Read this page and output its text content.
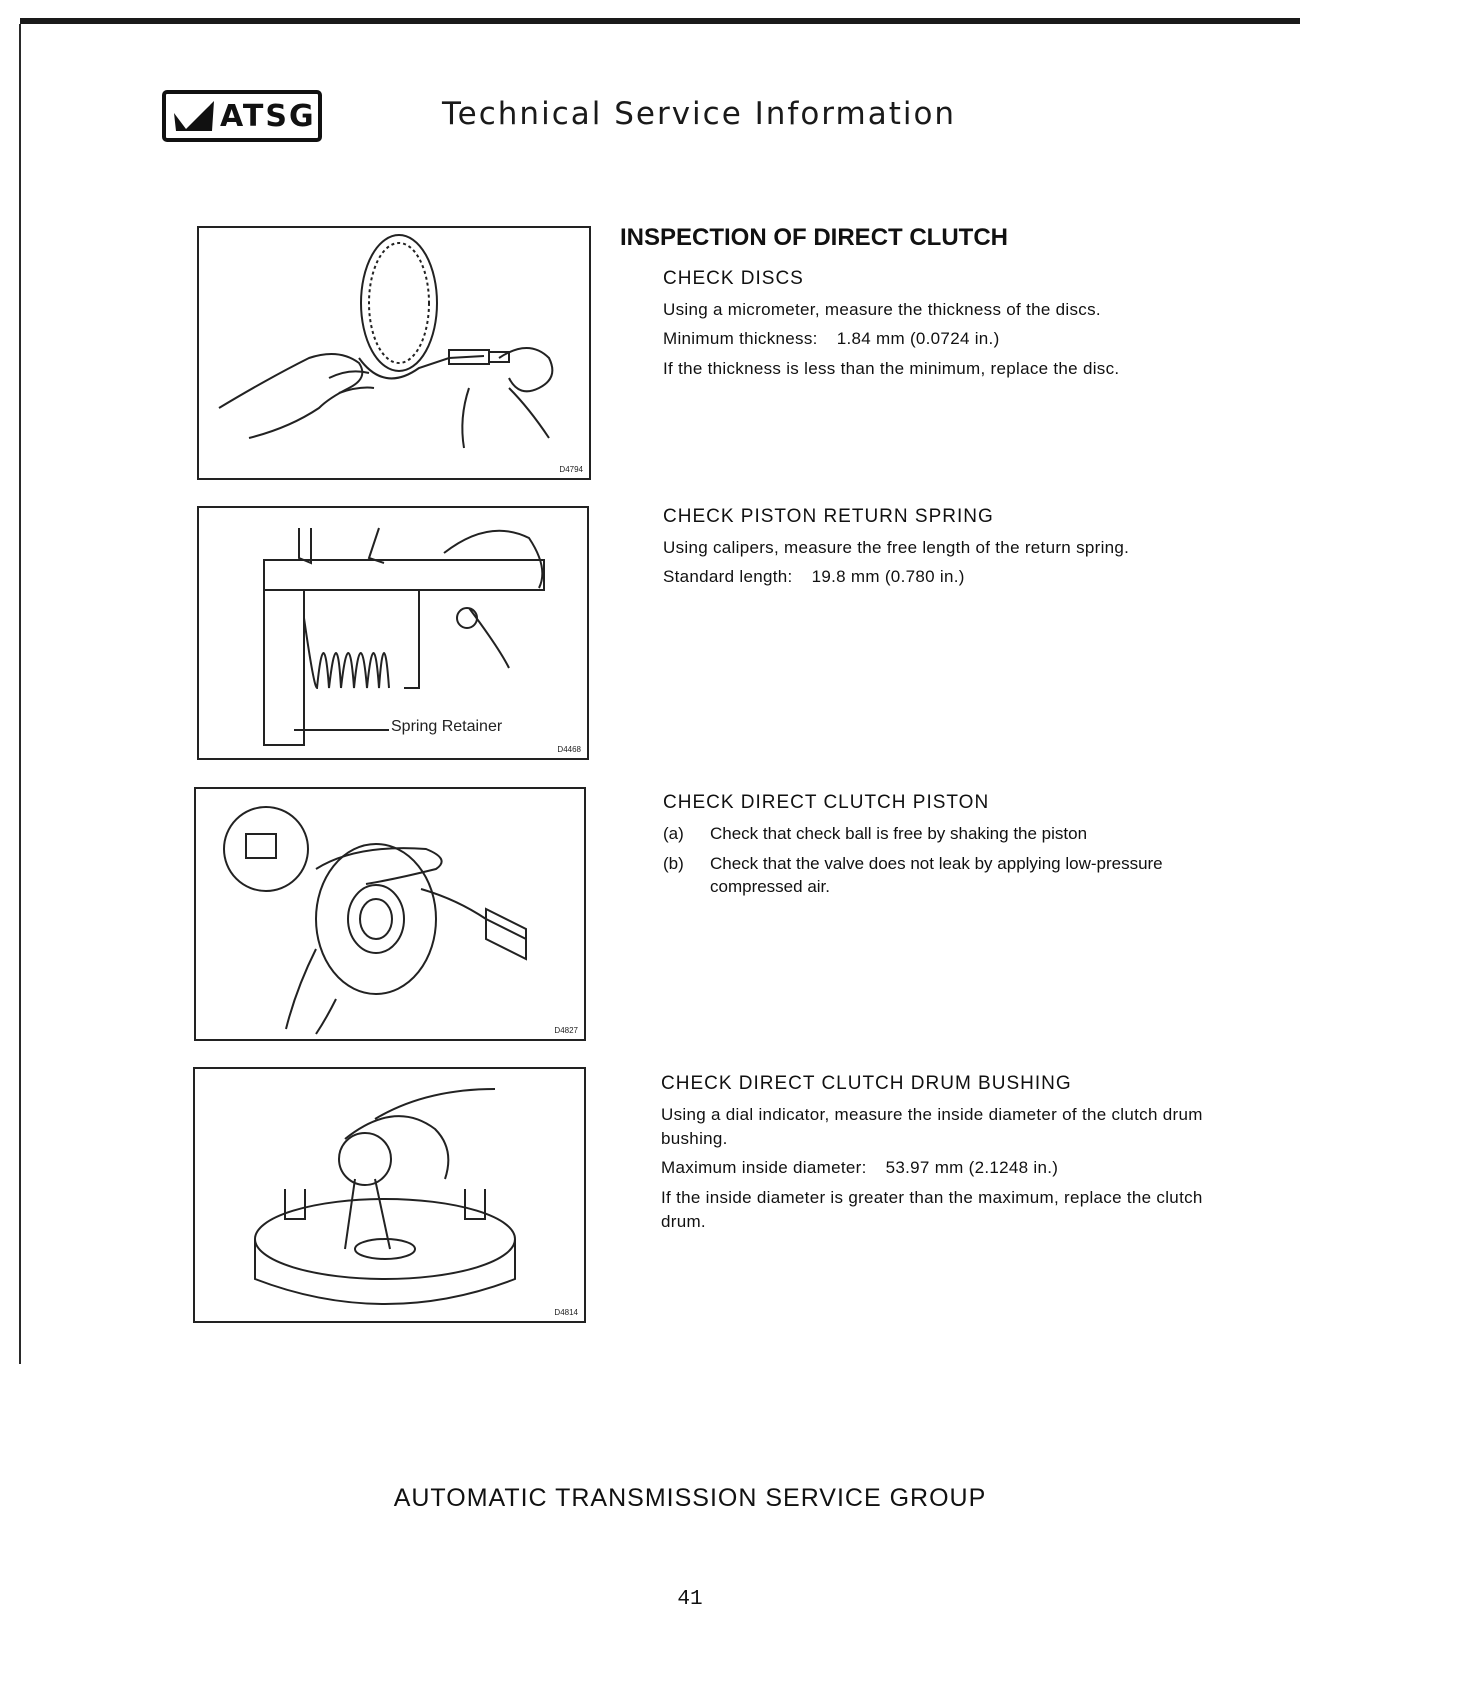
ATSG	Technical Service Information
D4794
Spring Retainer
D4468
D4827
D4814
INSPECTION OF DIRECT CLUTCH
CHECK DISCS

Using a micrometer, measure the thickness of the discs.

Minimum thickness: 1.84 mm (0.0724 in.)

If the thickness is less than the minimum, replace the disc.

CHECK PISTON RETURN SPRING

Using calipers, measure the free length of the return spring.

Standard length: 19.8 mm (0.780 in.)

CHECK DIRECT CLUTCH PISTON
(a)	Check that check ball is free by shaking the piston
(b)	Check that the valve does not leak by applying low-pressure compressed air.
CHECK DIRECT CLUTCH DRUM BUSHING

Using a dial indicator, measure the inside diameter of the clutch drum bushing.

Maximum inside diameter: 53.97 mm (2.1248 in.)

If the inside diameter is greater than the maximum, replace the clutch drum.

AUTOMATIC TRANSMISSION SERVICE GROUP
41
